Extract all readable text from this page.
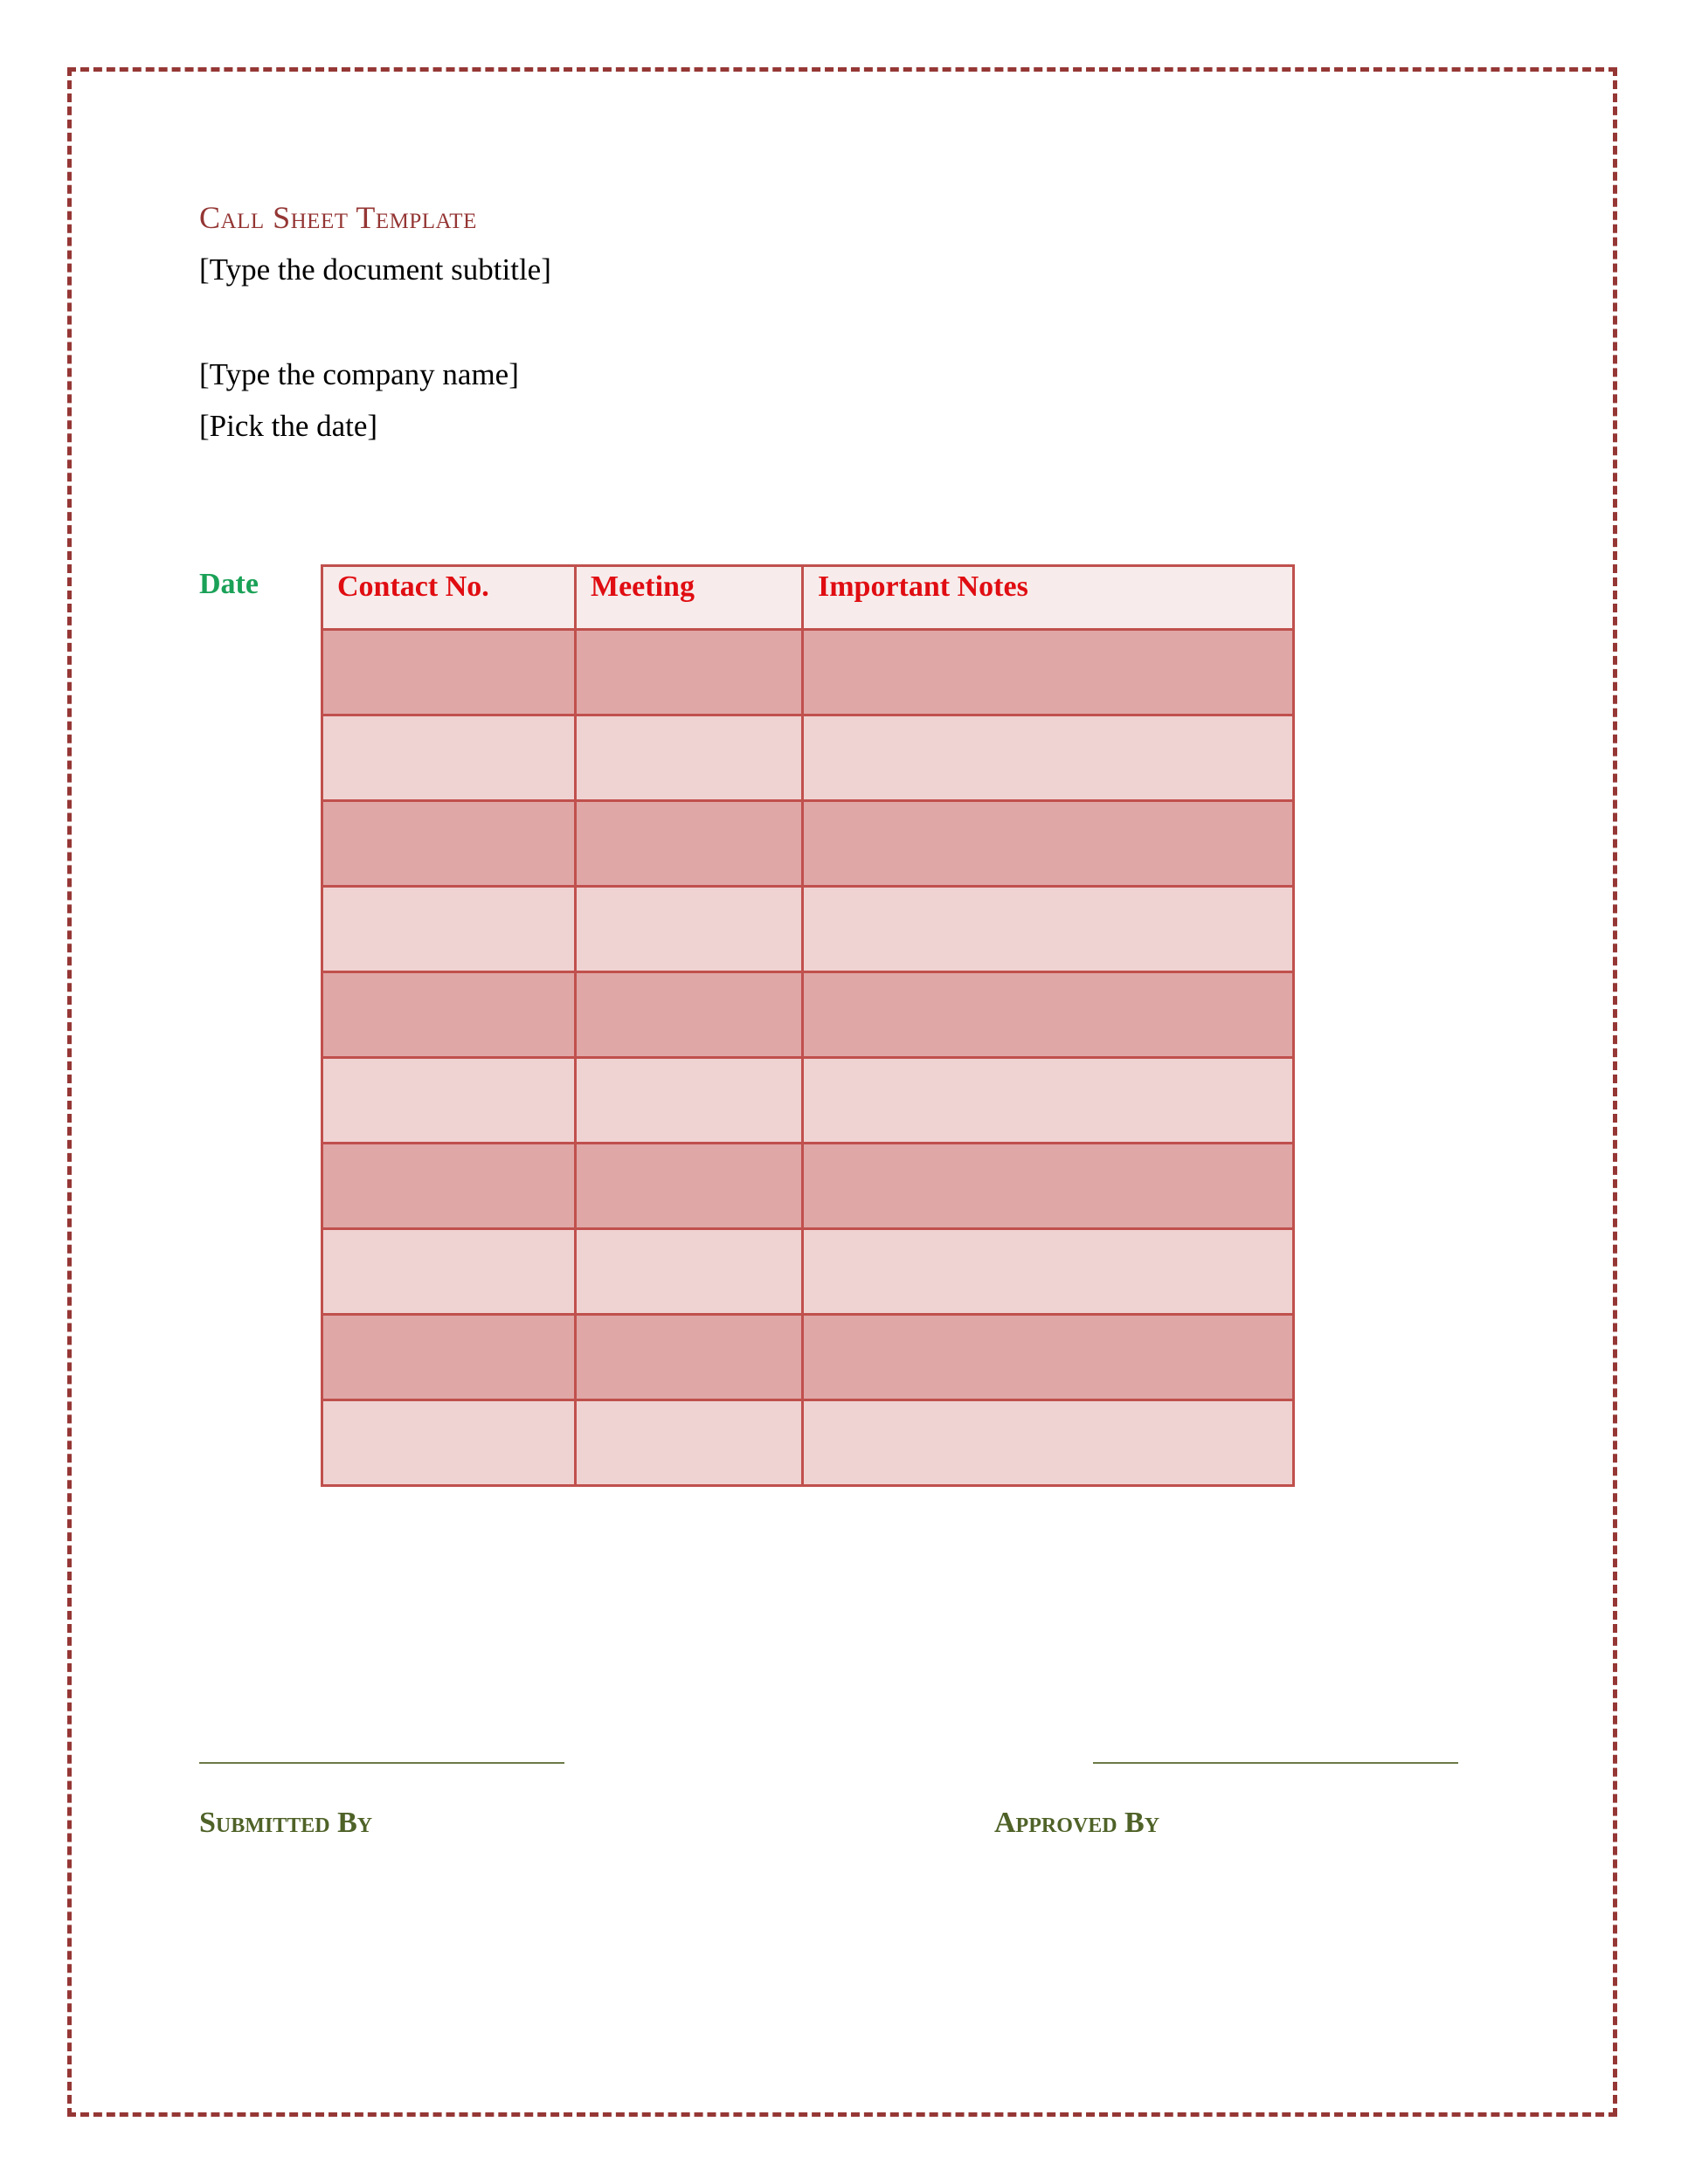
Call Sheet Template
[Type the document subtitle]
[Type the company name]
[Pick the date]
Date	Contact No.	Meeting	Important Notes

Submitted By	Approved By
